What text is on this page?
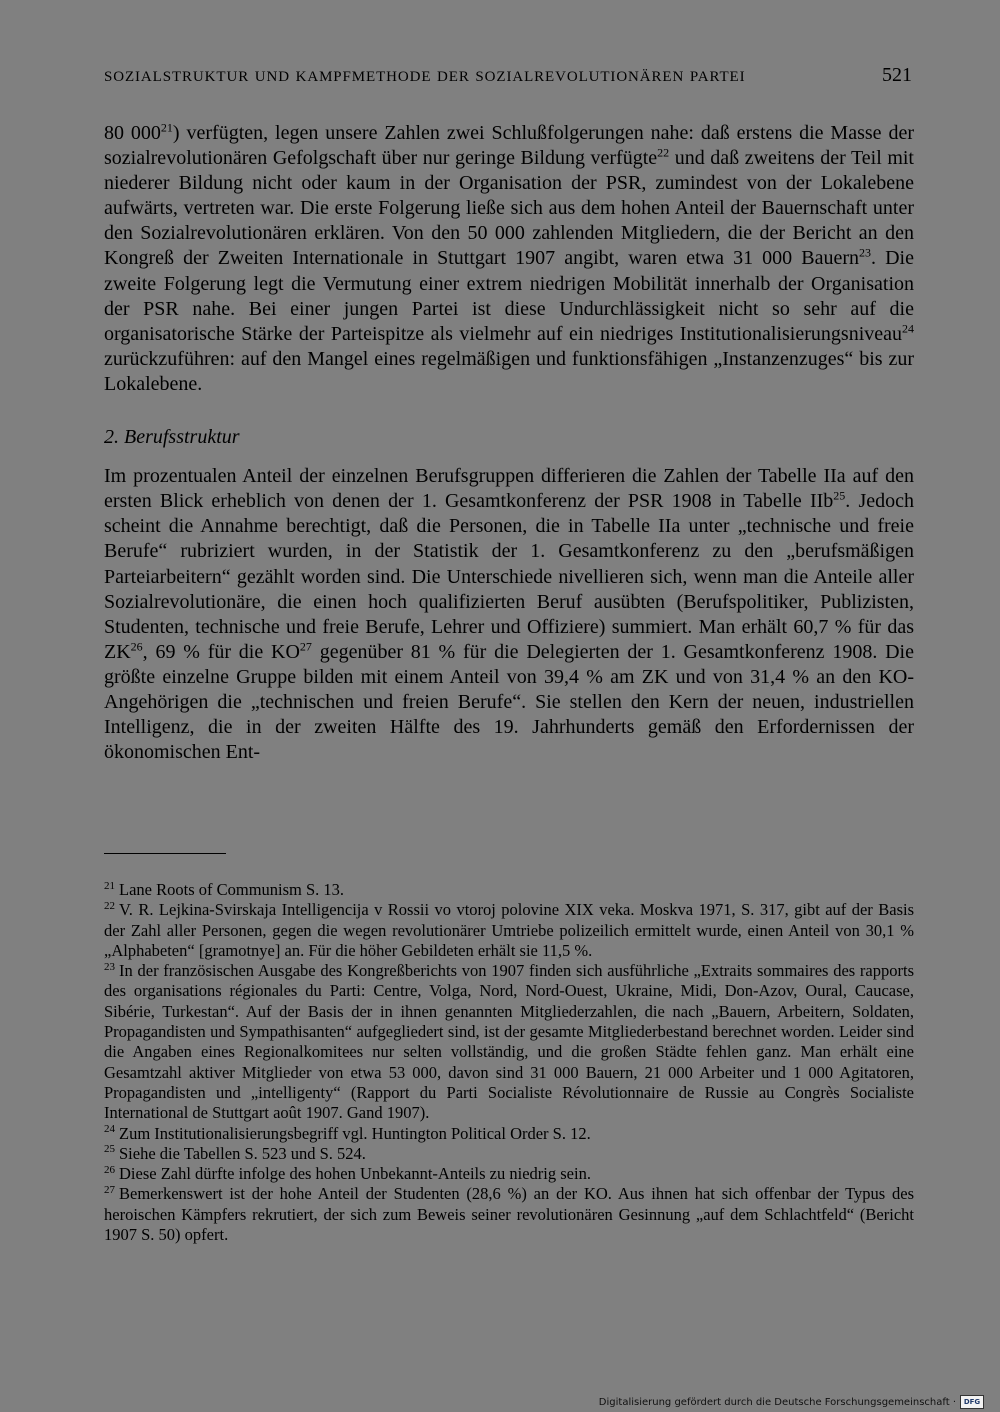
SOZIALSTRUKTUR UND KAMPFMETHODE DER SOZIALREVOLUTIONÄREN PARTEI	521

80 $000^{21}$) verfügten, legen unsere Zahlen zwei Schlußfolgerungen nahe: daß erstens die Masse der sozialrevolutionären Gefolgschaft über nur geringe Bildung verfügte$^{22}$ und daß zweitens der Teil mit niederer Bildung nicht oder kaum in der Organisation der PSR, zumindest von der Lokalebene aufwärts, vertreten war. Die erste Folgerung ließe sich aus dem hohen Anteil der Bauernschaft unter den Sozialrevolutionären erklären. Von den 50 000 zahlenden Mitgliedern, die der Bericht an den Kongreß der Zweiten Internationale in Stuttgart 1907 angibt, waren etwa 31 000 Bauern$^{23}$. Die zweite Folgerung legt die Vermutung einer extrem niedrigen Mobilität innerhalb der Organisation der PSR nahe. Bei einer jungen Partei ist diese Undurchlässigkeit nicht so sehr auf die organisatorische Stärke der Parteispitze als vielmehr auf ein niedriges Institutionalisierungsniveau$^{24}$ zurückzuführen: auf den Mangel eines regelmäßigen und funktionsfähigen „Instanzenzuges“ bis zur Lokalebene.

2. Berufsstruktur

Im prozentualen Anteil der einzelnen Berufsgruppen differieren die Zahlen der Tabelle IIa auf den ersten Blick erheblich von denen der 1. Gesamtkonferenz der PSR 1908 in Tabelle IIb$^{25}$. Jedoch scheint die Annahme berechtigt, daß die Personen, die in Tabelle IIa unter „technische und freie Berufe“ rubriziert wurden, in der Statistik der 1. Gesamtkonferenz zu den „berufsmäßigen Parteiarbeitern“ gezählt worden sind. Die Unterschiede nivellieren sich, wenn man die Anteile aller Sozialrevolutionäre, die einen hoch qualifizierten Beruf ausübten (Berufspolitiker, Publizisten, Studenten, technische und freie Berufe, Lehrer und Offiziere) summiert. Man erhält 60,7 % für das ZK$^{26}$, 69 % für die KO$^{27}$ gegenüber 81 % für die Delegierten der 1. Gesamtkonferenz 1908. Die größte einzelne Gruppe bilden mit einem Anteil von 39,4 % am ZK und von 31,4 % an den KO-Angehörigen die „technischen und freien Berufe“. Sie stellen den Kern der neuen, industriellen Intelligenz, die in der zweiten Hälfte des 19. Jahrhunderts gemäß den Erfordernissen der ökonomischen Ent-

$^{21}$ Lane Roots of Communism S. 13.

$^{22}$ V. R. Lejkina-Svirskaja Intelligencija v Rossii vo vtoroj polovine XIX veka. Moskva 1971, S. 317, gibt auf der Basis der Zahl aller Personen, gegen die wegen revolutionärer Umtriebe polizeilich ermittelt wurde, einen Anteil von 30,1 % „Alphabeten“ [gramotnye] an. Für die höher Gebildeten erhält sie 11,5 %.

$^{23}$ In der französischen Ausgabe des Kongreßberichts von 1907 finden sich ausführliche „Extraits sommaires des rapports des organisations régionales du Parti: Centre, Volga, Nord, Nord-Ouest, Ukraine, Midi, Don-Azov, Oural, Caucase, Sibérie, Turkestan“. Auf der Basis der in ihnen genannten Mitgliederzahlen, die nach „Bauern, Arbeitern, Soldaten, Propagandisten und Sympathisanten“ aufgegliedert sind, ist der gesamte Mitgliederbestand berechnet worden. Leider sind die Angaben eines Regionalkomitees nur selten vollständig, und die großen Städte fehlen ganz. Man erhält eine Gesamtzahl aktiver Mitglieder von etwa 53 000, davon sind 31 000 Bauern, 21 000 Arbeiter und 1 000 Agitatoren, Propagandisten und „intelligenty“ (Rapport du Parti Socialiste Révolutionnaire de Russie au Congrès Socialiste International de Stuttgart août 1907. Gand 1907).

$^{24}$ Zum Institutionalisierungsbegriff vgl. Huntington Political Order S. 12.

$^{25}$ Siehe die Tabellen S. 523 und S. 524.

$^{26}$ Diese Zahl dürfte infolge des hohen Unbekannt-Anteils zu niedrig sein.

$^{27}$ Bemerkenswert ist der hohe Anteil der Studenten (28,6 %) an der KO. Aus ihnen hat sich offenbar der Typus des heroischen Kämpfers rekrutiert, der sich zum Beweis seiner revolutionären Gesinnung „auf dem Schlachtfeld“ (Bericht 1907 S. 50) opfert.

Digitalisierung gefördert durch die Deutsche Forschungsgemeinschaft ·	DFG
